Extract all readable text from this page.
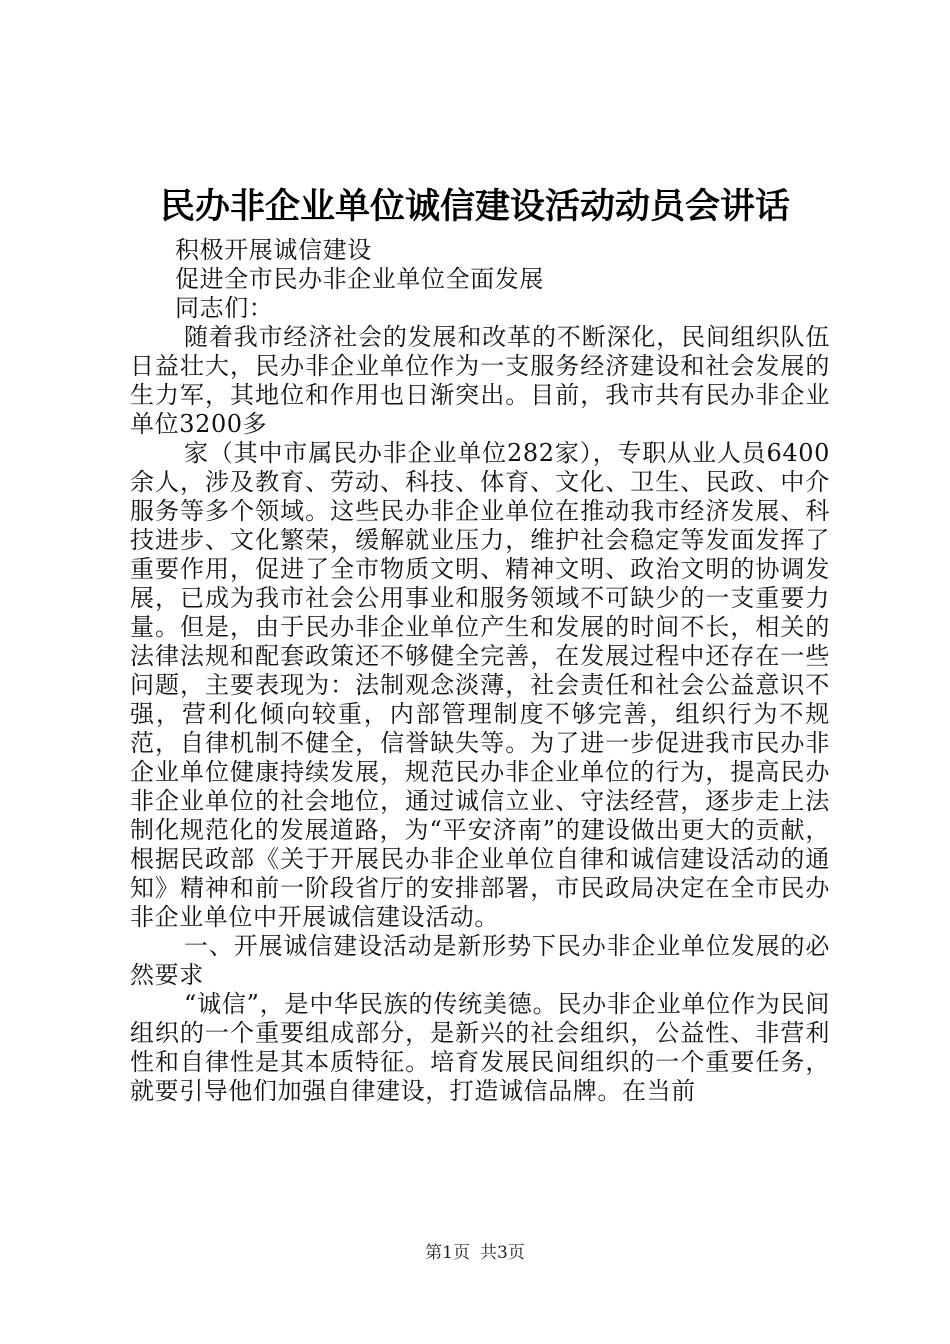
民办非企业单位诚信建设活动动员会讲话

积极开展诚信建设

促进全市民办非企业单位全面发展

同志们：

随着我市经济社会的发展和改革的不断深化，民间组织队伍日益壮大，民办非企业单位作为一支服务经济建设和社会发展的生力军，其地位和作用也日渐突出。目前，我市共有民办非企业单位3200多

家（其中市属民办非企业单位282家），专职从业人员6400余人，涉及教育、劳动、科技、体育、文化、卫生、民政、中介服务等多个领域。这些民办非企业单位在推动我市经济发展、科技进步、文化繁荣，缓解就业压力，维护社会稳定等发面发挥了重要作用，促进了全市物质文明、精神文明、政治文明的协调发展，已成为我市社会公用事业和服务领域不可缺少的一支重要力量。但是，由于民办非企业单位产生和发展的时间不长，相关的法律法规和配套政策还不够健全完善，在发展过程中还存在一些问题，主要表现为：法制观念淡薄，社会责任和社会公益意识不强，营利化倾向较重，内部管理制度不够完善，组织行为不规范，自律机制不健全，信誉缺失等。为了进一步促进我市民办非企业单位健康持续发展，规范民办非企业单位的行为，提高民办非企业单位的社会地位，通过诚信立业、守法经营，逐步走上法制化规范化的发展道路，为“平安济南”的建设做出更大的贡献，根据民政部《关于开展民办非企业单位自律和诚信建设活动的通知》精神和前一阶段省厅的安排部署，市民政局决定在全市民办非企业单位中开展诚信建设活动。

一、开展诚信建设活动是新形势下民办非企业单位发展的必然要求

“诚信”，是中华民族的传统美德。民办非企业单位作为民间组织的一个重要组成部分，是新兴的社会组织，公益性、非营利性和自律性是其本质特征。培育发展民间组织的一个重要任务，就要引导他们加强自律建设，打造诚信品牌。在当前

第1页 共3页
